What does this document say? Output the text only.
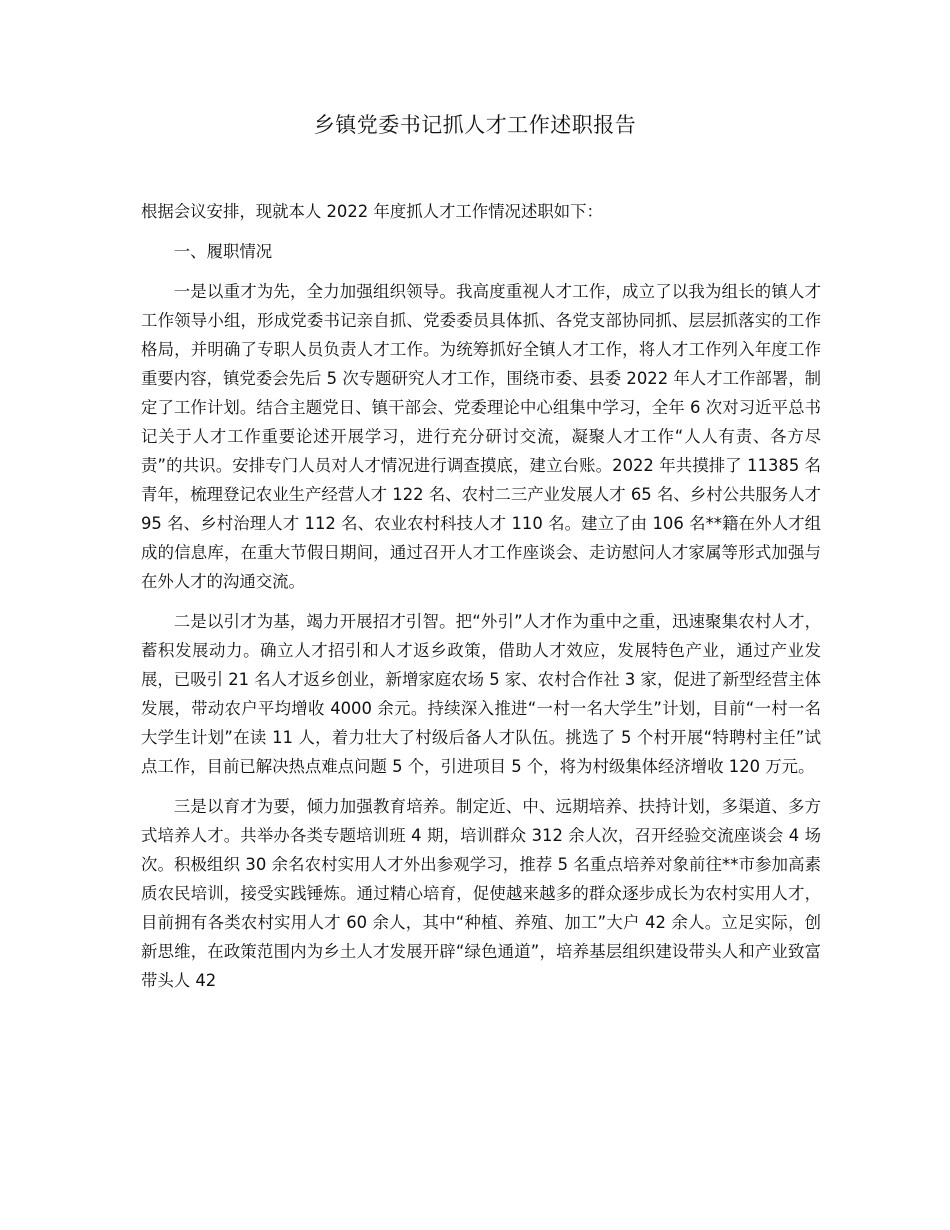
乡镇党委书记抓人才工作述职报告

根据会议安排，现就本人 2022 年度抓人才工作情况述职如下：

一、履职情况

一是以重才为先，全力加强组织领导。我高度重视人才工作，成立了以我为组长的镇人才工作领导小组，形成党委书记亲自抓、党委委员具体抓、各党支部协同抓、层层抓落实的工作格局，并明确了专职人员负责人才工作。为统筹抓好全镇人才工作，将人才工作列入年度工作重要内容，镇党委会先后 5 次专题研究人才工作，围绕市委、县委 2022 年人才工作部署，制定了工作计划。结合主题党日、镇干部会、党委理论中心组集中学习，全年 6 次对习近平总书记关于人才工作重要论述开展学习，进行充分研讨交流，凝聚人才工作“人人有责、各方尽责”的共识。安排专门人员对人才情况进行调查摸底，建立台账。2022 年共摸排了 11385 名青年，梳理登记农业生产经营人才 122 名、农村二三产业发展人才 65 名、乡村公共服务人才 95 名、乡村治理人才 112 名、农业农村科技人才 110 名。建立了由 106 名**籍在外人才组成的信息库，在重大节假日期间，通过召开人才工作座谈会、走访慰问人才家属等形式加强与在外人才的沟通交流。

二是以引才为基，竭力开展招才引智。把“外引”人才作为重中之重，迅速聚集农村人才，蓄积发展动力。确立人才招引和人才返乡政策，借助人才效应，发展特色产业，通过产业发展，已吸引 21 名人才返乡创业，新增家庭农场 5 家、农村合作社 3 家，促进了新型经营主体发展，带动农户平均增收 4000 余元。持续深入推进“一村一名大学生”计划，目前“一村一名大学生计划”在读 11 人，着力壮大了村级后备人才队伍。挑选了 5 个村开展“特聘村主任”试点工作，目前已解决热点难点问题 5 个，引进项目 5 个，将为村级集体经济增收 120 万元。

三是以育才为要，倾力加强教育培养。制定近、中、远期培养、扶持计划，多渠道、多方式培养人才。共举办各类专题培训班 4 期，培训群众 312 余人次，召开经验交流座谈会 4 场次。积极组织 30 余名农村实用人才外出参观学习，推荐 5 名重点培养对象前往**市参加高素质农民培训，接受实践锤炼。通过精心培育，促使越来越多的群众逐步成长为农村实用人才，目前拥有各类农村实用人才 60 余人，其中“种植、养殖、加工”大户 42 余人。立足实际，创新思维，在政策范围内为乡土人才发展开辟“绿色通道”，培养基层组织建设带头人和产业致富带头人 42
